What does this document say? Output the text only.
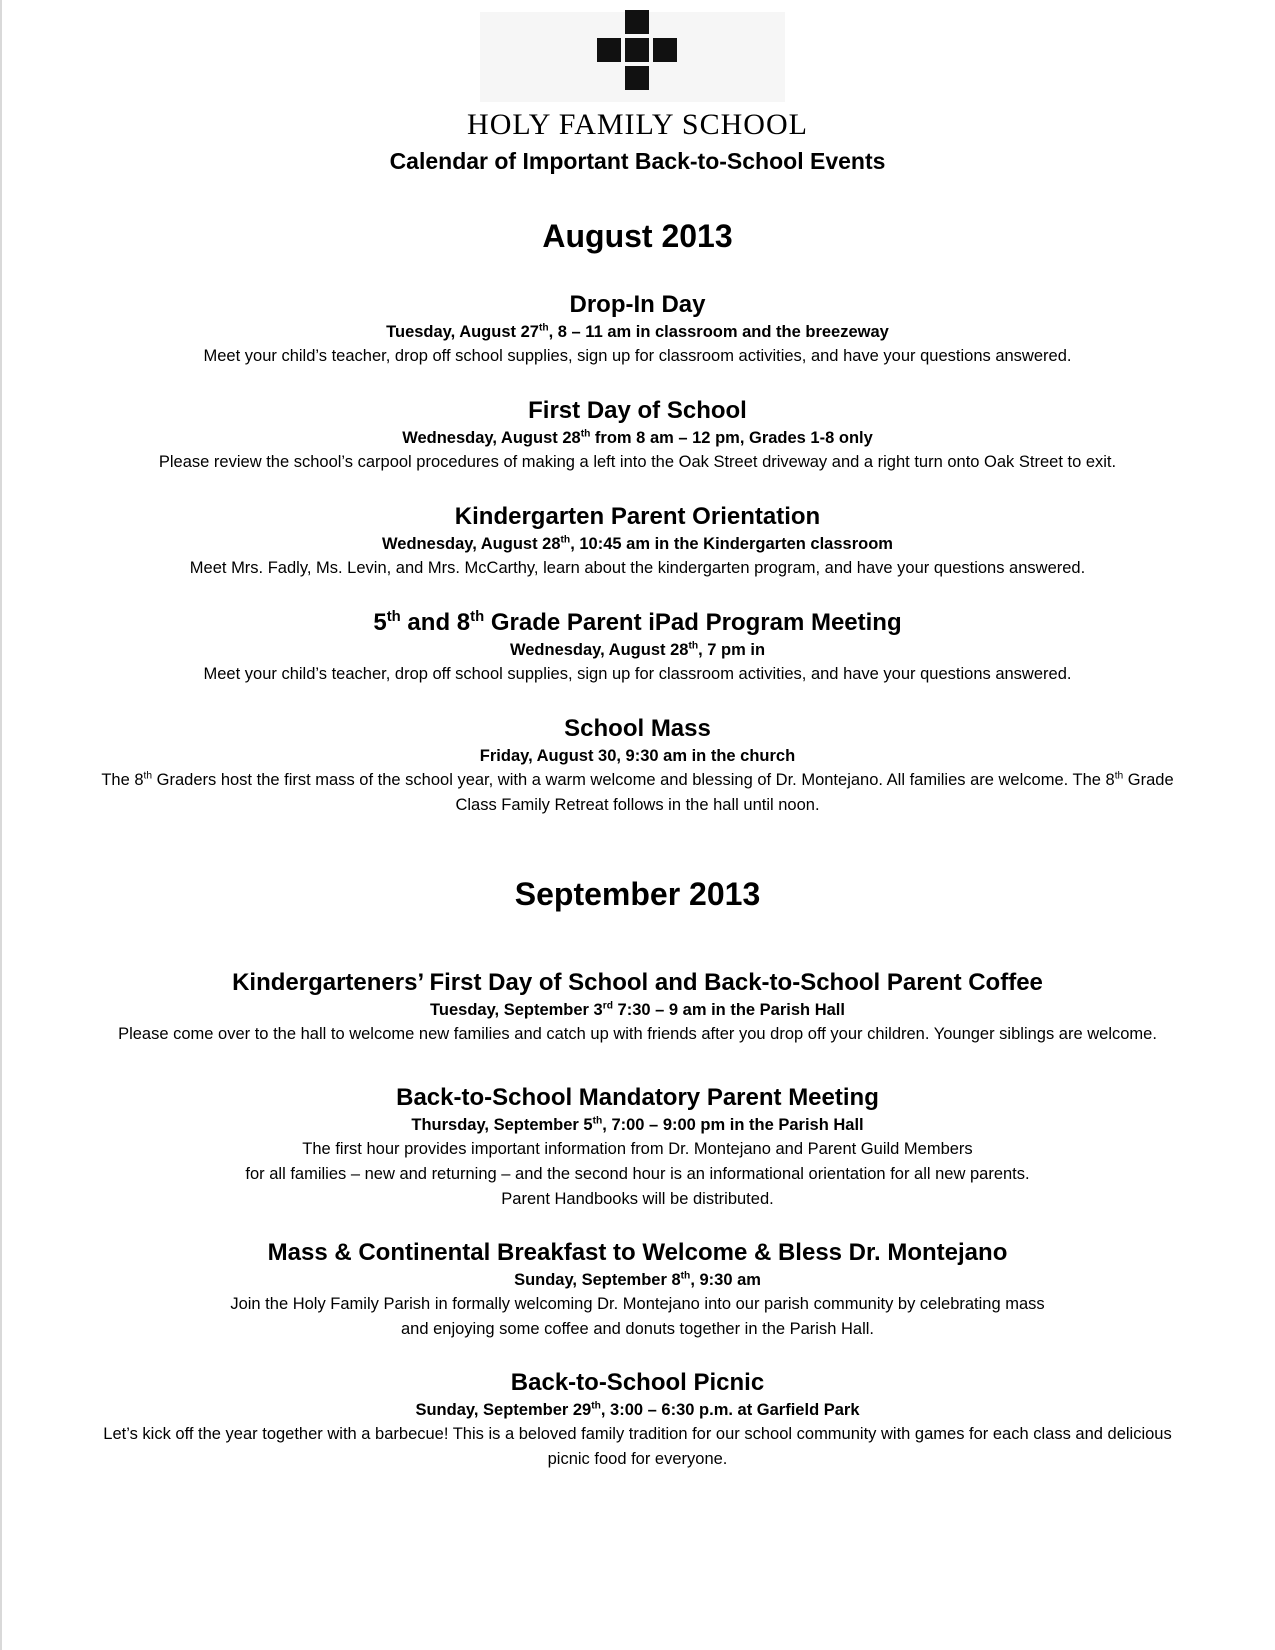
HOLY FAMILY SCHOOL
Calendar of Important Back-to-School Events
August 2013
Drop-In Day
Tuesday, August 27th, 8 – 11 am in classroom and the breezeway
Meet your child’s teacher, drop off school supplies, sign up for classroom activities, and have your questions answered.
First Day of School
Wednesday, August 28th from 8 am – 12 pm, Grades 1-8 only
Please review the school’s carpool procedures of making a left into the Oak Street driveway and a right turn onto Oak Street to exit.
Kindergarten Parent Orientation
Wednesday, August 28th, 10:45 am in the Kindergarten classroom
Meet Mrs. Fadly, Ms. Levin, and Mrs. McCarthy, learn about the kindergarten program, and have your questions answered.
5th and 8th Grade Parent iPad Program Meeting
Wednesday, August 28th, 7 pm in
Meet your child’s teacher, drop off school supplies, sign up for classroom activities, and have your questions answered.
School Mass
Friday, August 30, 9:30 am in the church
The 8th Graders host the first mass of the school year, with a warm welcome and blessing of Dr. Montejano. All families are welcome. The 8th Grade
Class Family Retreat follows in the hall until noon.
September 2013
Kindergarteners’ First Day of School and Back-to-School Parent Coffee
Tuesday, September 3rd 7:30 – 9 am in the Parish Hall
Please come over to the hall to welcome new families and catch up with friends after you drop off your children. Younger siblings are welcome.
Back-to-School Mandatory Parent Meeting
Thursday, September 5th, 7:00 – 9:00 pm in the Parish Hall
The first hour provides important information from Dr. Montejano and Parent Guild Members
for all families – new and returning – and the second hour is an informational orientation for all new parents.
Parent Handbooks will be distributed.
Mass & Continental Breakfast to Welcome & Bless Dr. Montejano
Sunday, September 8th, 9:30 am
Join the Holy Family Parish in formally welcoming Dr. Montejano into our parish community by celebrating mass
and enjoying some coffee and donuts together in the Parish Hall.
Back-to-School Picnic
Sunday, September 29th, 3:00 – 6:30 p.m. at Garfield Park
Let’s kick off the year together with a barbecue! This is a beloved family tradition for our school community with games for each class and delicious
picnic food for everyone.
